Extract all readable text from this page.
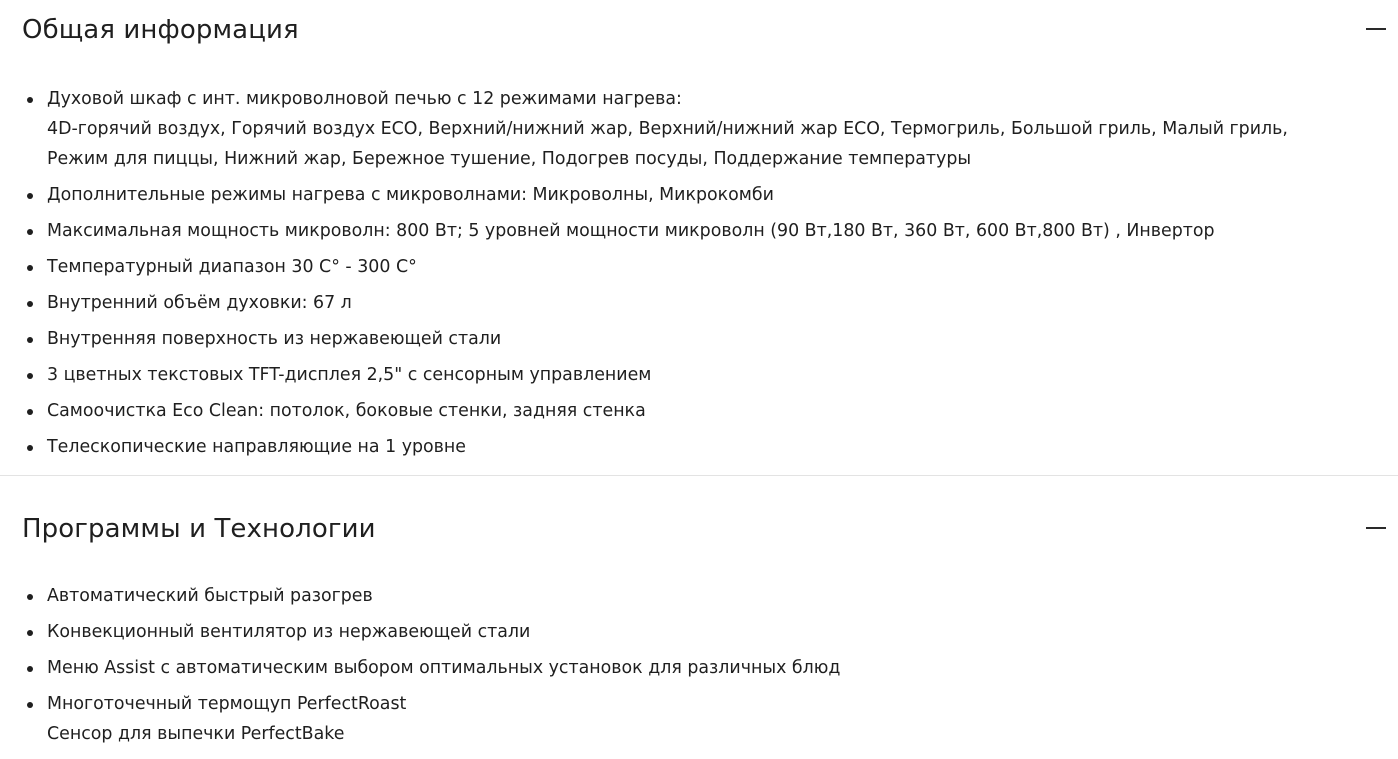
Общая информация
Духовой шкаф с инт. микроволновой печью с 12 режимами нагрева:
4D-горячий воздух, Горячий воздух ECO, Верхний/нижний жар, Верхний/нижний жар ECO, Термогриль, Большой гриль, Малый гриль,
Режим для пиццы, Нижний жар, Бережное тушение, Подогрев посуды, Поддержание температуры
Дополнительные режимы нагрева с микроволнами: Микроволны, Микрокомби
Максимальная мощность микроволн: 800 Вт; 5 уровней мощности микроволн (90 Вт,180 Вт, 360 Вт, 600 Вт,800 Вт) , Инвертор
Температурный диапазон 30 C° - 300 C°
Внутренний объём духовки: 67 л
Внутренняя поверхность из нержавеющей стали
3 цветных текстовых TFT-дисплея 2,5" с сенсорным управлением
Самоочистка Eco Clean: потолок, боковые стенки, задняя стенка
Телескопические направляющие на 1 уровне
Программы и Технологии
Автоматический быстрый разогрев
Конвекционный вентилятор из нержавеющей стали
Меню Assist с автоматическим выбором оптимальных установок для различных блюд
Многоточечный термощуп PerfectRoast
Сенсор для выпечки PerfectBake
